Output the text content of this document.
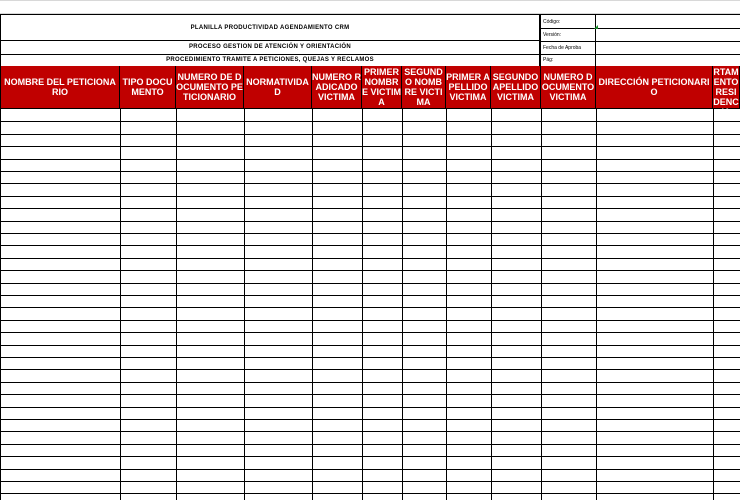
PLANILLA PRODUCTIVIDAD AGENDAMIENTO CRM
PROCESO GESTION DE ATENCIÓN Y ORIENTACIÓN
PROCEDIMIENTO TRAMITE A PETICIONES, QUEJAS Y RECLAMOS
Código:
Versión:
Fecha de Aproba
Pág:
NOMBRE DEL PETICIONARIO
TIPO DOCUMENTO
NUMERO DE DOCUMENTO PETICIONARIO
NORMATIVIDAD
NUMERO RADICADO VICTIMA
PRIMER NOMBRE VICTIMA
SEGUNDO NOMBRE VICTIMA
PRIMER APELLIDO VICTIMA
SEGUNDO APELLIDO VICTIMA
NUMERO DOCUMENTO VICTIMA
DIRECCIÓN PETICIONARIO
DEPARTAMENTO RESIDENCIA
